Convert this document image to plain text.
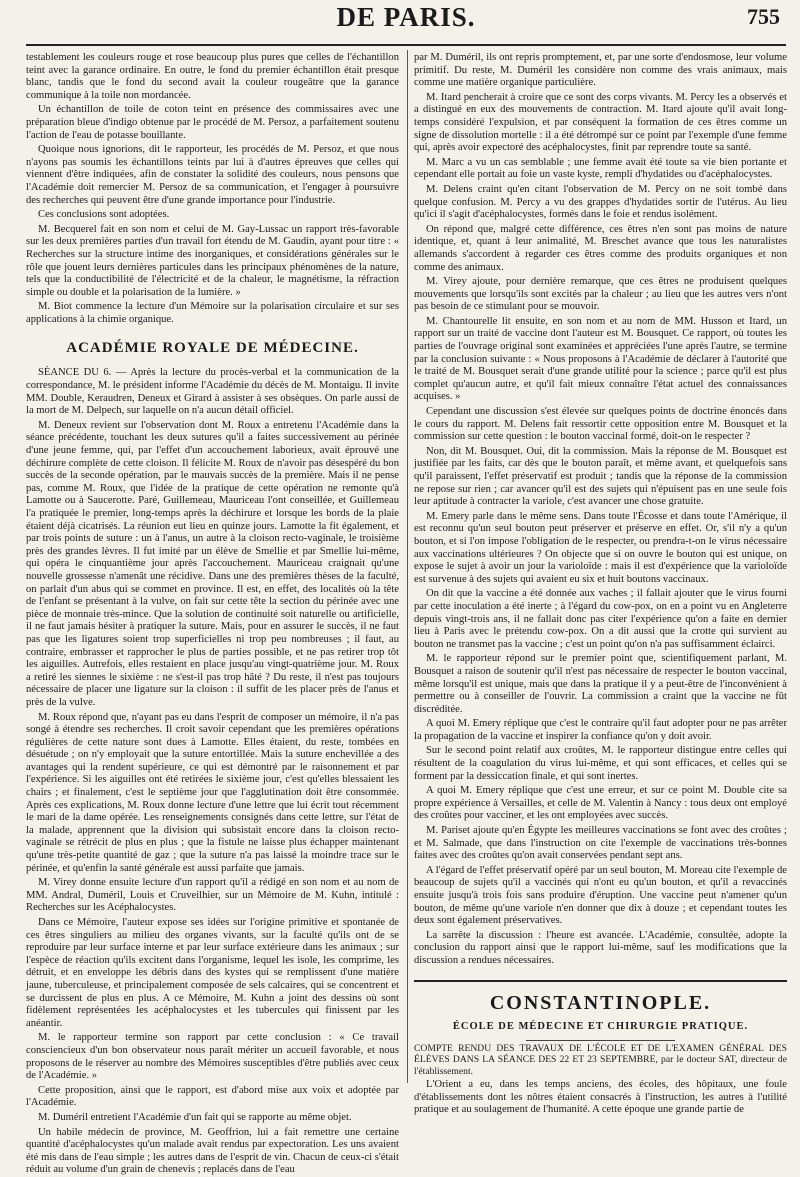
DE PARIS.	755

testablement les couleurs rouge et rose beaucoup plus pures que celles de l'échantillon teint avec la garance ordinaire. En outre, le fond du premier échantillon était presque blanc, tandis que le fond du second avait la couleur rougeâtre que la garance communique à la toile non mordancée.

Un échantillon de toile de coton teint en présence des commissaires avec une préparation bleue d'indigo obtenue par le procédé de M. Persoz, a parfaitement soutenu l'action de l'eau de potasse bouillante.

Quoique nous ignorions, dit le rapporteur, les procédés de M. Persoz, et que nous n'ayons pas soumis les échantillons teints par lui à d'autres épreuves que celles qui viennent d'être indiquées, afin de constater la solidité des couleurs, nous pensons que l'Académie doit remercier M. Persoz de sa communication, et l'engager à poursuivre des recherches qui peuvent être d'une grande importance pour l'industrie.

Ces conclusions sont adoptées.

M. Becquerel fait en son nom et celui de M. Gay-Lussac un rapport très-favorable sur les deux premières parties d'un travail fort étendu de M. Gaudin, ayant pour titre : « Recherches sur la structure intime des inorganiques, et considérations générales sur le rôle que jouent leurs dernières particules dans les principaux phénomènes de la nature, tels que la conductibilité de l'électricité et de la chaleur, le magnétisme, la réfraction simple ou double et la polarisation de la lumière. »

M. Biot commence la lecture d'un Mémoire sur la polarisation circulaire et sur ses applications à la chimie organique.

ACADÉMIE ROYALE DE MÉDECINE.

SÉANCE DU 6. — Après la lecture du procès-verbal et la communication de la correspondance, M. le président informe l'Académie du décès de M. Montaigu. Il invite MM. Double, Keraudren, Deneux et Girard à assister à ses obsèques. On parle aussi de la mort de M. Delpech, sur laquelle on n'a aucun détail officiel.

M. Deneux revient sur l'observation dont M. Roux a entretenu l'Académie dans la séance précédente, touchant les deux sutures qu'il a faites successivement au périnée d'une jeune femme, qui, par l'effet d'un accouchement laborieux, avait éprouvé une déchirure complète de cette cloison. Il félicite M. Roux de n'avoir pas désespéré du bon succès de la seconde opération, par le mauvais succès de la première. Mais il ne pense pas, comme M. Roux, que l'idée de la pratique de cette opération ne remonte qu'à Lamotte ou à Saucerotte. Paré, Guillemeau, Mauriceau l'ont conseillée, et Guillemeau l'a pratiquée le premier, long-temps après la déchirure et lorsque les bords de la plaie étaient déjà cicatrisés. La réunion eut lieu en quinze jours. Lamotte la fit également, et par trois points de suture : un à l'anus, un autre à la cloison recto-vaginale, le troisième près des grandes lèvres. Il fut imité par un élève de Smellie et par Smellie lui-même, qui opéra le cinquantième jour après l'accouchement. Mauriceau craignait qu'une nouvelle grossesse n'amenât une récidive. Dans une des premières thèses de la faculté, on parlait d'un abus qui se commet en province. Il est, en effet, des localités où la tête de l'enfant se présentant à la vulve, on fait sur cette tête la section du périnée avec une pièce de monnaie très-mince. Que la solution de continuité soit naturelle ou artificielle, il ne faut jamais hésiter à pratiquer la suture. Mais, pour en assurer le succès, il ne faut pas que les ligatures soient trop superficielles ni trop peu nombreuses ; il faut, au contraire, embrasser et rapprocher le plus de parties possible, et ne pas retirer trop tôt les aiguilles. Autrefois, elles restaient en place jusqu'au vingt-quatrième jour. M. Roux a retiré les siennes le sixième : ne s'est-il pas trop hâté ? Du reste, il n'est pas toujours nécessaire de placer une ligature sur la cloison : il suffit de les placer près de l'anus et près de la vulve.

M. Roux répond que, n'ayant pas eu dans l'esprit de composer un mémoire, il n'a pas songé à étendre ses recherches. Il croit savoir cependant que les premières opérations régulières de cette nature sont dues à Lamotte. Elles étaient, du reste, tombées en désuétude ; on n'y employait que la suture entortillée. Mais la suture enchevillée a des avantages qui la rendent supérieure, ce qui est démontré par le raisonnement et par l'expérience. Si les aiguilles ont été retirées le sixième jour, c'est qu'elles blessaient les chairs ; et finalement, c'est le septième jour que l'agglutination doit être consommée. Après ces explications, M. Roux donne lecture d'une lettre que lui écrit tout récemment le mari de la dame opérée. Les renseignements consignés dans cette lettre, sur l'état de la malade, apprennent que la division qui subsistait encore dans la cloison recto-vaginale se rétrécit de plus en plus ; que la fistule ne laisse plus échapper maintenant qu'une très-petite quantité de gaz ; que la suture n'a pas laissé la moindre trace sur le périnée, et qu'enfin la santé générale est aussi parfaite que jamais.

M. Virey donne ensuite lecture d'un rapport qu'il a rédigé en son nom et au nom de MM. Andral, Duméril, Louis et Cruveilhier, sur un Mémoire de M. Kuhn, intitulé : Recherches sur les Acéphalocystes.

Dans ce Mémoire, l'auteur expose ses idées sur l'origine primitive et spontanée de ces êtres singuliers au milieu des organes vivants, sur la faculté qu'ils ont de se reproduire par leur surface interne et par leur surface extérieure dans les animaux ; sur l'espèce de réaction qu'ils excitent dans l'organisme, lequel les isole, les comprime, les détruit, et en enveloppe les débris dans des kystes qui se remplissent d'une matière jaune, tuberculeuse, et principalement composée de sels calcaires, qui se concentrent et se durcissent de plus en plus. A ce Mémoire, M. Kuhn a joint des dessins où sont fidèlement représentées les acéphalocystes et les tubercules qui finissent par les anéantir.

M. le rapporteur termine son rapport par cette conclusion : « Ce travail consciencieux d'un bon observateur nous paraît mériter un accueil favorable, et nous proposons de le réserver au nombre des Mémoires susceptibles d'être publiés avec ceux de l'Académie. »

Cette proposition, ainsi que le rapport, est d'abord mise aux voix et adoptée par l'Académie.

M. Duméril entretient l'Académie d'un fait qui se rapporte au même objet.

Un habile médecin de province, M. Geoffrion, lui a fait remettre une certaine quantité d'acéphalocystes qu'un malade avait rendus par expectoration. Les uns avaient été mis dans de l'eau simple ; les autres dans de l'esprit de vin. Chacun de ceux-ci s'était réduit au volume d'un grain de chenevis ; replacés dans de l'eau

par M. Duméril, ils ont repris promptement, et, par une sorte d'endosmose, leur volume primitif. Du reste, M. Duméril les considère non comme des vrais animaux, mais comme une matière organique particulière.

M. Itard pencherait à croire que ce sont des corps vivants. M. Percy les a observés et a distingué en eux des mouvements de contraction. M. Itard ajoute qu'il avait long-temps considéré l'expulsion, et par conséquent la formation de ces êtres comme un signe de dissolution mortelle : il a été détrompé sur ce point par l'exemple d'une femme qui, après avoir expectoré des acéphalocystes, finit par reprendre toute sa santé.

M. Marc a vu un cas semblable ; une femme avait été toute sa vie bien portante et cependant elle portait au foie un vaste kyste, rempli d'hydatides ou d'acéphalocystes.

M. Delens craint qu'en citant l'observation de M. Percy on ne soit tombé dans quelque confusion. M. Percy a vu des grappes d'hydatides sortir de l'utérus. Au lieu qu'ici il s'agit d'acéphalocystes, formés dans le foie et rendus isolément.

On répond que, malgré cette différence, ces êtres n'en sont pas moins de nature identique, et, quant à leur animalité, M. Breschet avance que tous les naturalistes allemands s'accordent à regarder ces êtres comme des produits organiques et non comme des animaux.

M. Virey ajoute, pour dernière remarque, que ces êtres ne produisent quelques mouvements que lorsqu'ils sont excités par la chaleur ; au lieu que les autres vers n'ont pas besoin de ce stimulant pour se mouvoir.

M. Chantourelle lit ensuite, en son nom et au nom de MM. Husson et Itard, un rapport sur un traité de vaccine dont l'auteur est M. Bousquet. Ce rapport, où toutes les parties de l'ouvrage original sont examinées et appréciées l'une après l'autre, se termine par la conclusion suivante : « Nous proposons à l'Académie de déclarer à l'autorité que le traité de M. Bousquet serait d'une grande utilité pour la science ; parce qu'il est plus complet qu'aucun autre, et qu'il fait mieux connaître l'état actuel des connaissances acquises. »

Cependant une discussion s'est élevée sur quelques points de doctrine énoncés dans le cours du rapport. M. Delens fait ressortir cette opposition entre M. Bousquet et la commission sur cette question : le bouton vaccinal formé, doit-on le respecter ?

Non, dit M. Bousquet. Oui, dit la commission. Mais la réponse de M. Bousquet est justifiée par les faits, car dès que le bouton paraît, et même avant, et quelquefois sans qu'il paraissent, l'effet préservatif est produit ; tandis que la réponse de la commission ne repose sur rien ; car avancer qu'il est des sujets qui n'épuisent pas en une seule fois leur aptitude à contracter la variole, c'est avancer une chose gratuite.

M. Emery parle dans le même sens. Dans toute l'Écosse et dans toute l'Amérique, il est reconnu qu'un seul bouton peut préserver et préserve en effet. Or, s'il n'y a qu'un bouton, et si l'on impose l'obligation de le respecter, ou prendra-t-on le virus nécessaire aux vaccinations ultérieures ? On objecte que si on ouvre le bouton qui est unique, on expose le sujet à avoir un jour la varioloïde : mais il est d'expérience que la varioloïde est survenue à des sujets qui avaient eu six et huit boutons vaccinaux.

On dit que la vaccine a été donnée aux vaches ; il fallait ajouter que le virus fourni par cette inoculation a été inerte ; à l'égard du cow-pox, on en a point vu en Angleterre depuis vingt-trois ans, il ne fallait donc pas citer l'expérience qu'on a faite en dernier lieu à Paris avec le prétendu cow-pox. On a dit aussi que la crotte qui survient au bouton ne transmet pas la vaccine ; c'est un point qu'on n'a pas suffisamment éclairci.

M. le rapporteur répond sur le premier point que, scientifiquement parlant, M. Bousquet a raison de soutenir qu'il n'est pas nécessaire de respecter le bouton vaccinal, même lorsqu'il est unique, mais que dans la pratique il y a peut-être de l'inconvénient à permettre ou à conseiller de l'ouvrir. La commission a craint que la vaccine ne fût discréditée.

A quoi M. Emery réplique que c'est le contraire qu'il faut adopter pour ne pas arrêter la propagation de la vaccine et inspirer la confiance qu'on y doit avoir.

Sur le second point relatif aux croûtes, M. le rapporteur distingue entre celles qui résultent de la coagulation du virus lui-même, et qui sont efficaces, et celles qui se forment par la dessiccation finale, et qui sont inertes.

A quoi M. Emery réplique que c'est une erreur, et sur ce point M. Double cite sa propre expérience à Versailles, et celle de M. Valentin à Nancy : tous deux ont employé des croûtes pour vacciner, et les ont employées avec succès.

M. Pariset ajoute qu'en Égypte les meilleures vaccinations se font avec des croûtes ; et M. Salmade, que dans l'instruction on cite l'exemple de vaccinations très-bonnes faites avec des croûtes qu'on avait conservées pendant sept ans.

A l'égard de l'effet préservatif opéré par un seul bouton, M. Moreau cite l'exemple de beaucoup de sujets qu'il a vaccinés qui n'ont eu qu'un bouton, et qu'il a revaccinés ensuite jusqu'à trois fois sans produire d'éruption. Une vaccine peut n'amener qu'un bouton, de même qu'une variole n'en donner que dix à douze ; et cependant toutes les deux sont également préservatives.

La sarrête la discussion : l'heure est avancée. L'Académie, consultée, adopte la conclusion du rapport ainsi que le rapport lui-même, sauf les modifications que la discussion a rendues nécessaires.

CONSTANTINOPLE.
ÉCOLE DE MÉDECINE ET CHIRURGIE PRATIQUE.

COMPTE RENDU DES TRAVAUX DE L'ÉCOLE ET DE L'EXAMEN GÉNÉRAL DES ÉLÈVES DANS LA SÉANCE DES 22 ET 23 SEPTEMBRE, par le docteur SAT, directeur de l'établissement.

L'Orient a eu, dans les temps anciens, des écoles, des hôpitaux, une foule d'établissements dont les nôtres étaient consacrés à l'instruction, les autres à l'utilité pratique et au soulagement de l'humanité. A cette époque une grande partie de
